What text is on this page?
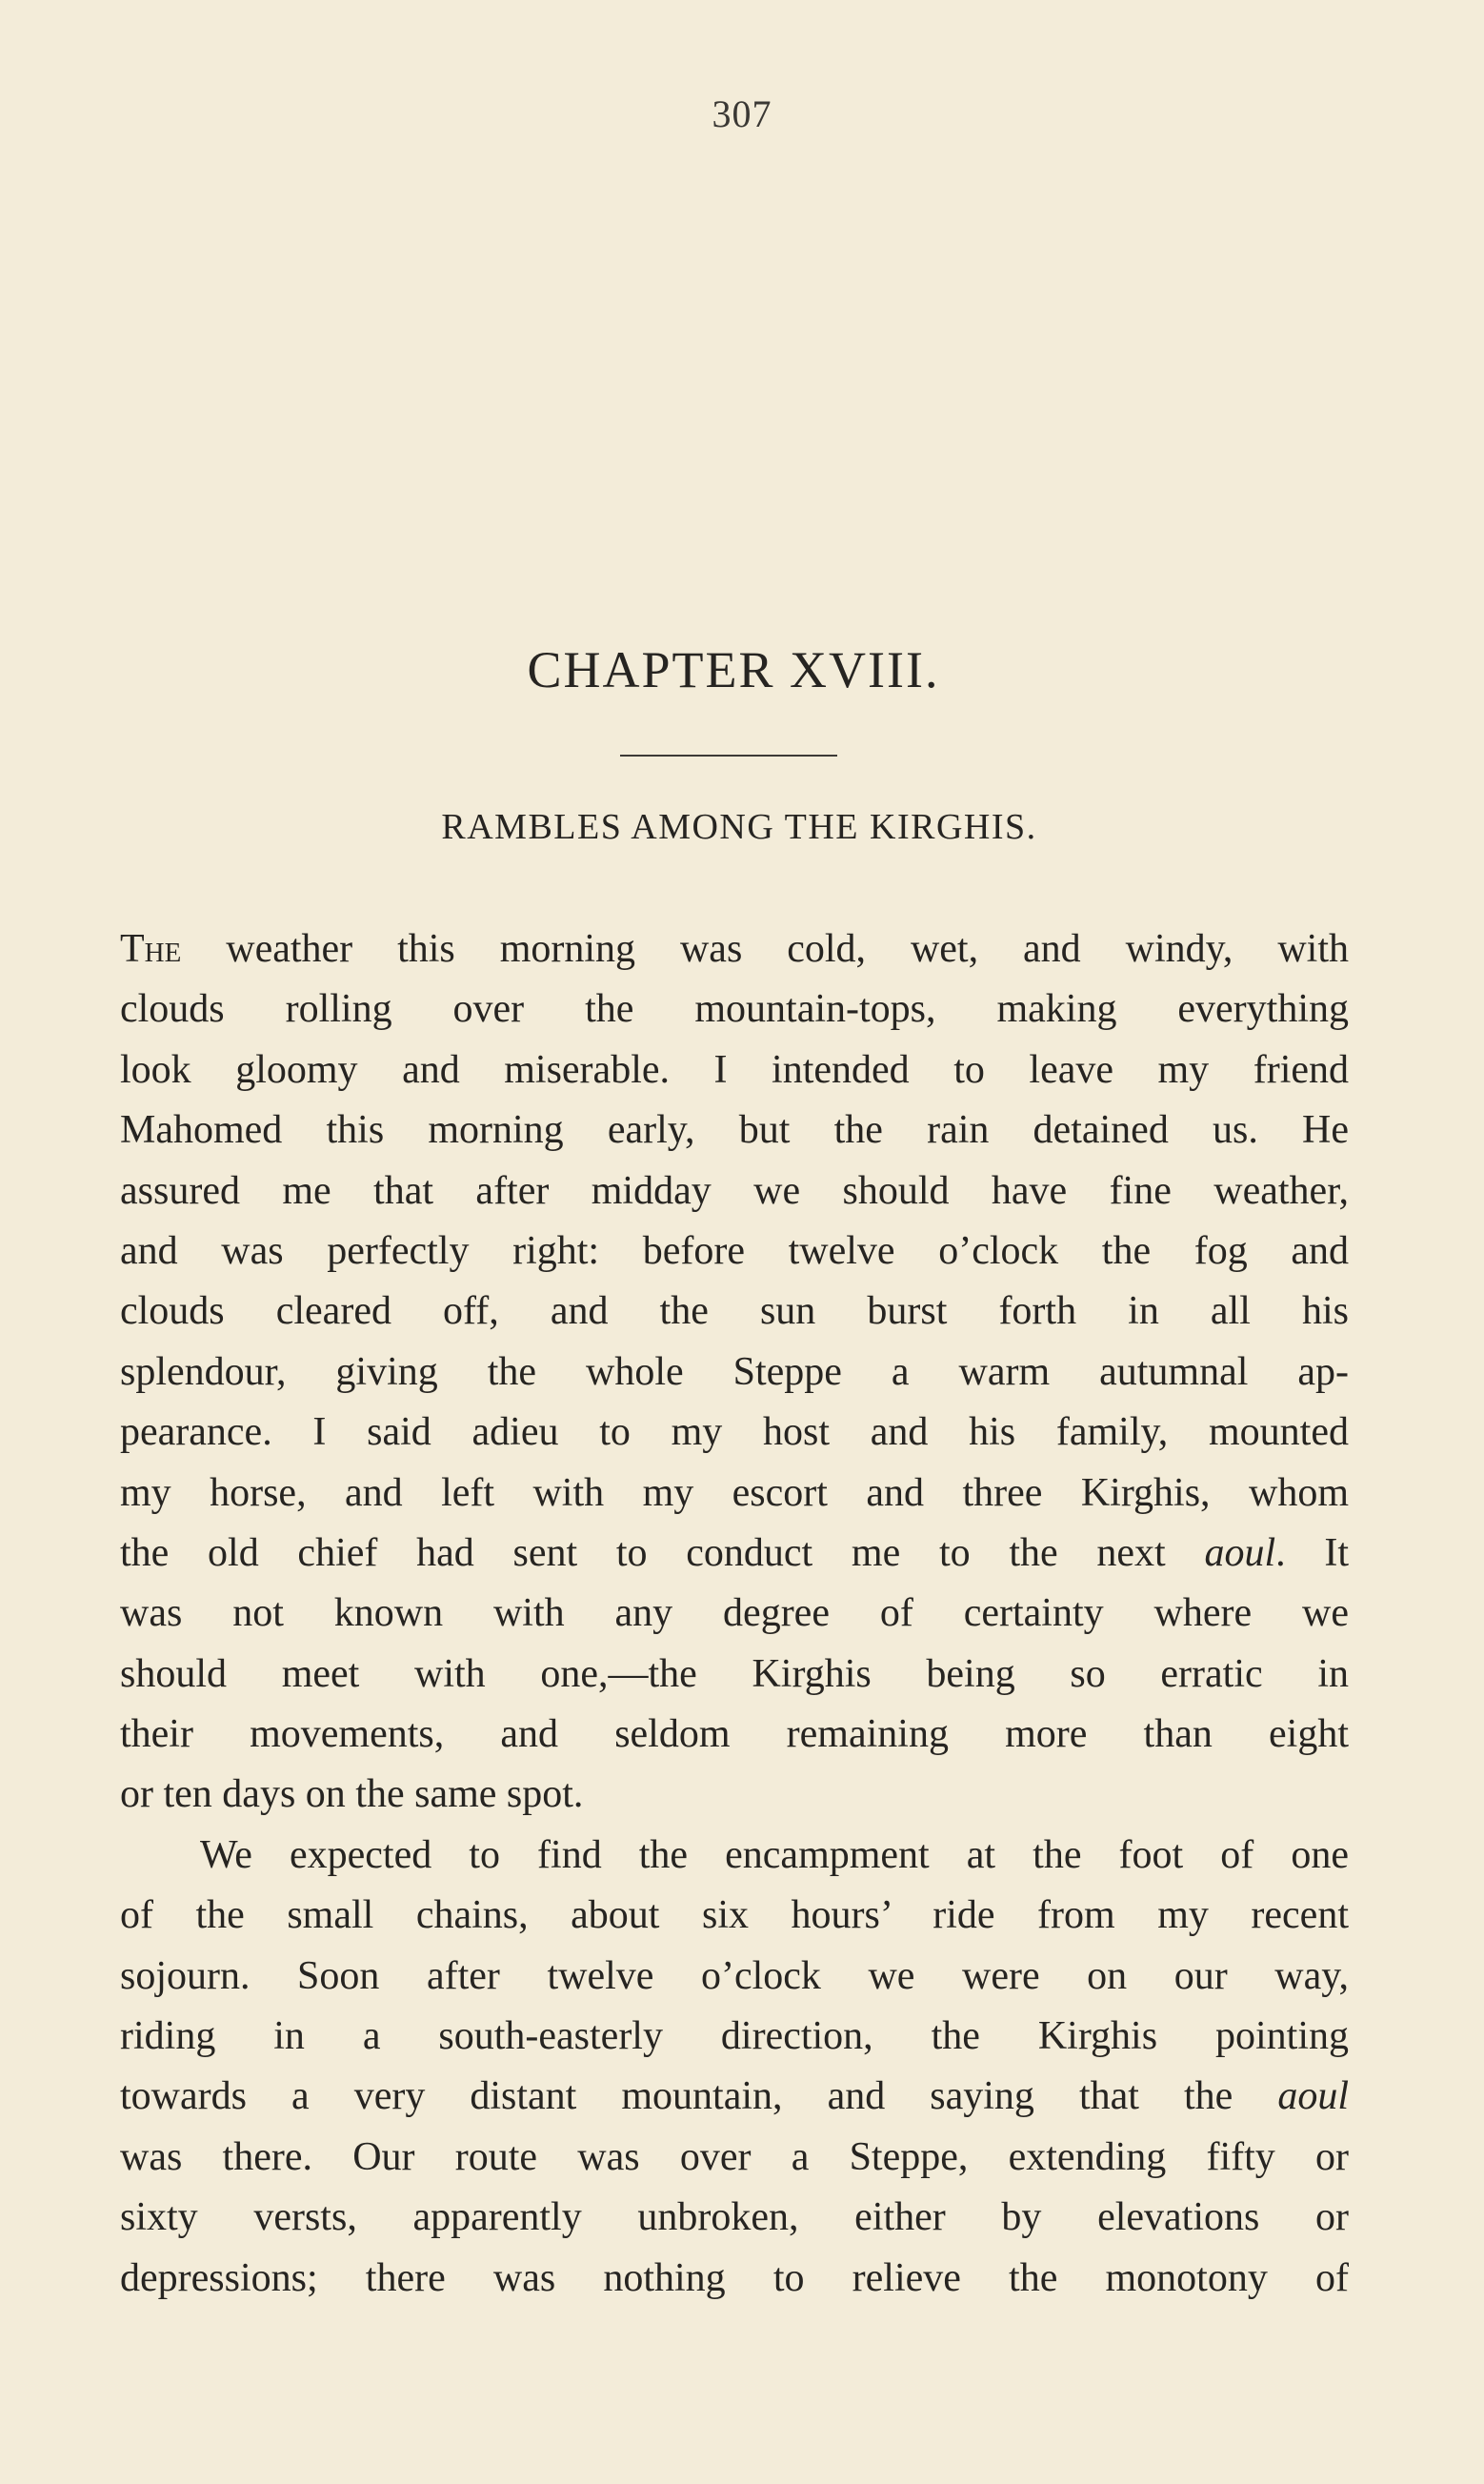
307
CHAPTER XVIII.
RAMBLES AMONG THE KIRGHIS.
The weather this morning was cold, wet, and windy, with
clouds rolling over the mountain-tops, making everything
look gloomy and miserable. I intended to leave my friend
Mahomed this morning early, but the rain detained us. He
assured me that after midday we should have fine weather,
and was perfectly right: before twelve o’clock the fog and
clouds cleared off, and the sun burst forth in all his
splendour, giving the whole Steppe a warm autumnal ap-
pearance. I said adieu to my host and his family, mounted
my horse, and left with my escort and three Kirghis, whom
the old chief had sent to conduct me to the next aoul. It
was not known with any degree of certainty where we
should meet with one,—the Kirghis being so erratic in
their movements, and seldom remaining more than eight
or ten days on the same spot.
We expected to find the encampment at the foot of one
of the small chains, about six hours’ ride from my recent
sojourn. Soon after twelve o’clock we were on our way,
riding in a south-easterly direction, the Kirghis pointing
towards a very distant mountain, and saying that the aoul
was there. Our route was over a Steppe, extending fifty or
sixty versts, apparently unbroken, either by elevations or
depressions; there was nothing to relieve the monotony of
